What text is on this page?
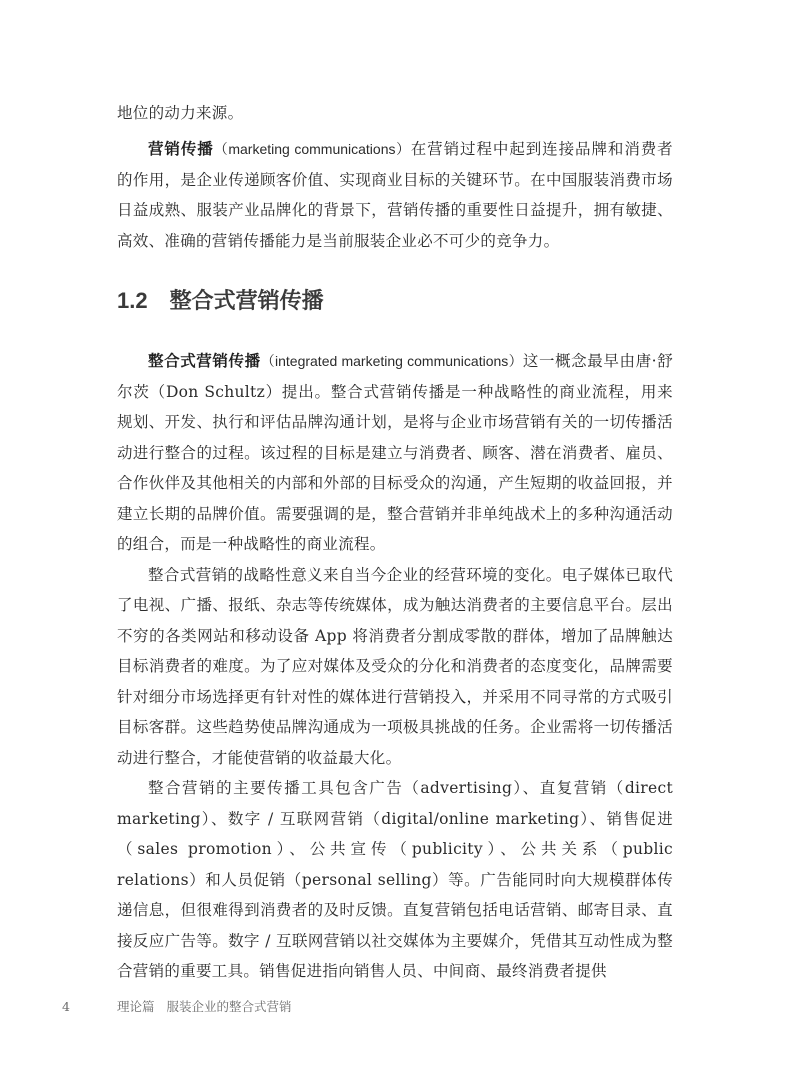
地位的动力来源。

营销传播（marketing communications）在营销过程中起到连接品牌和消费者的作用，是企业传递顾客价值、实现商业目标的关键环节。在中国服装消费市场日益成熟、服装产业品牌化的背景下，营销传播的重要性日益提升，拥有敏捷、高效、准确的营销传播能力是当前服装企业必不可少的竞争力。

1.2 整合式营销传播

整合式营销传播（integrated marketing communications）这一概念最早由唐·舒尔茨（Don Schultz）提出。整合式营销传播是一种战略性的商业流程，用来规划、开发、执行和评估品牌沟通计划，是将与企业市场营销有关的一切传播活动进行整合的过程。该过程的目标是建立与消费者、顾客、潜在消费者、雇员、合作伙伴及其他相关的内部和外部的目标受众的沟通，产生短期的收益回报，并建立长期的品牌价值。需要强调的是，整合营销并非单纯战术上的多种沟通活动的组合，而是一种战略性的商业流程。

整合式营销的战略性意义来自当今企业的经营环境的变化。电子媒体已取代了电视、广播、报纸、杂志等传统媒体，成为触达消费者的主要信息平台。层出不穷的各类网站和移动设备 App 将消费者分割成零散的群体，增加了品牌触达目标消费者的难度。为了应对媒体及受众的分化和消费者的态度变化，品牌需要针对细分市场选择更有针对性的媒体进行营销投入，并采用不同寻常的方式吸引目标客群。这些趋势使品牌沟通成为一项极具挑战的任务。企业需将一切传播活动进行整合，才能使营销的收益最大化。

整合营销的主要传播工具包含广告（advertising）、直复营销（direct marketing）、数字 / 互联网营销（digital/online marketing）、销售促进（sales promotion）、公共宣传（publicity）、公共关系（public relations）和人员促销（personal selling）等。广告能同时向大规模群体传递信息，但很难得到消费者的及时反馈。直复营销包括电话营销、邮寄目录、直接反应广告等。数字 / 互联网营销以社交媒体为主要媒介，凭借其互动性成为整合营销的重要工具。销售促进指向销售人员、中间商、最终消费者提供

4	理论篇 服装企业的整合式营销
